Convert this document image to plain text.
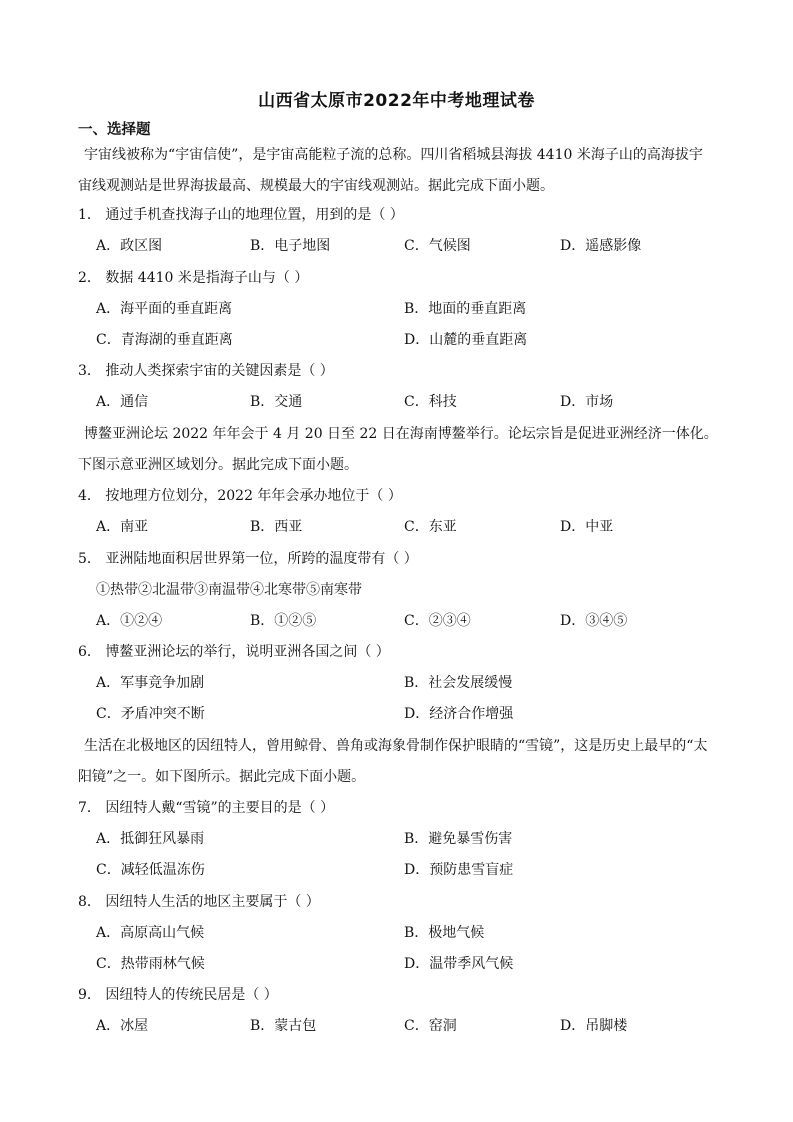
山西省太原市2022年中考地理试卷
一、选择题
宇宙线被称为“宇宙信使”，是宇宙高能粒子流的总称。四川省稻城县海拔 4410 米海子山的高海拔宇
宙线观测站是世界海拔最高、规模最大的宇宙线观测站。据此完成下面小题。
1． 通过手机查找海子山的地理位置，用到的是（ ）
A．政区图	B．电子地图	C．气候图	D．遥感影像
2． 数据 4410 米是指海子山与（ ）
A．海平面的垂直距离	B．地面的垂直距离
C．青海湖的垂直距离	D．山麓的垂直距离
3． 推动人类探索宇宙的关键因素是（ ）
A．通信	B．交通	C．科技	D．市场
博鳌亚洲论坛 2022 年年会于 4 月 20 日至 22 日在海南博鳌举行。论坛宗旨是促进亚洲经济一体化。
下图示意亚洲区域划分。据此完成下面小题。
4． 按地理方位划分，2022 年年会承办地位于（ ）
A．南亚	B．西亚	C．东亚	D．中亚
5． 亚洲陆地面积居世界第一位，所跨的温度带有（ ）
①热带②北温带③南温带④北寒带⑤南寒带
A．①②④	B．①②⑤	C．②③④	D．③④⑤
6． 博鳌亚洲论坛的举行，说明亚洲各国之间（ ）
A．军事竞争加剧	B．社会发展缓慢
C．矛盾冲突不断	D．经济合作增强
生活在北极地区的因纽特人，曾用鲸骨、兽角或海象骨制作保护眼睛的“雪镜”，这是历史上最早的“太
阳镜”之一。如下图所示。据此完成下面小题。
7． 因纽特人戴“雪镜”的主要目的是（ ）
A．抵御狂风暴雨	B．避免暴雪伤害
C．减轻低温冻伤	D．预防患雪盲症
8． 因纽特人生活的地区主要属于（ ）
A．高原高山气候	B．极地气候
C．热带雨林气候	D．温带季风气候
9． 因纽特人的传统民居是（ ）
A．冰屋	B．蒙古包	C．窑洞	D．吊脚楼
